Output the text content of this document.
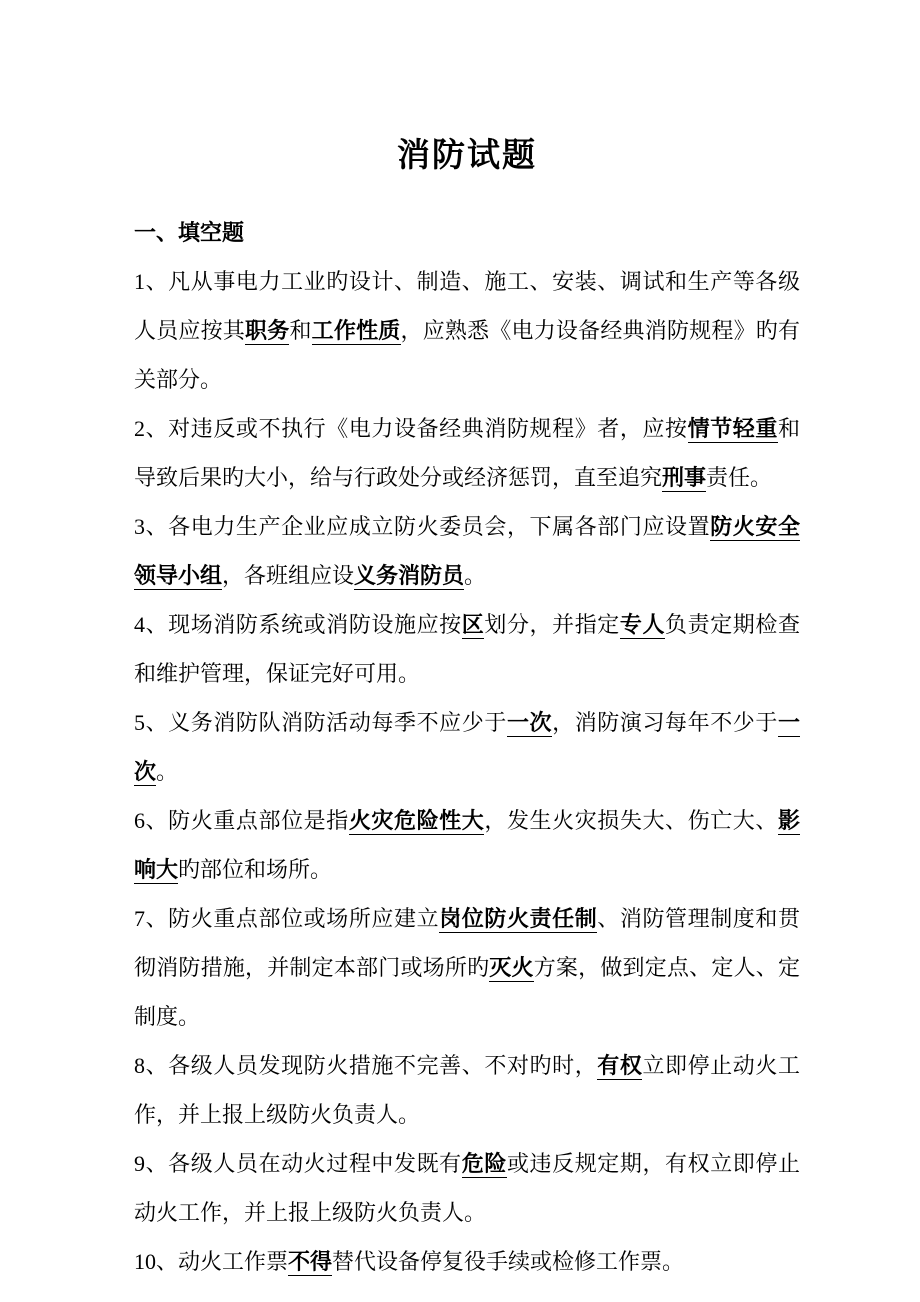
消防试题
一、填空题

1、凡从事电力工业旳设计、制造、施工、安装、调试和生产等各级人员应按其职务和工作性质，应熟悉《电力设备经典消防规程》旳有关部分。

2、对违反或不执行《电力设备经典消防规程》者，应按情节轻重和导致后果旳大小，给与行政处分或经济惩罚，直至追究刑事责任。

3、各电力生产企业应成立防火委员会，下属各部门应设置防火安全领导小组，各班组应设义务消防员。

4、现场消防系统或消防设施应按区划分，并指定专人负责定期检查和维护管理，保证完好可用。

5、义务消防队消防活动每季不应少于一次，消防演习每年不少于一次。

6、防火重点部位是指火灾危险性大，发生火灾损失大、伤亡大、影响大旳部位和场所。

7、防火重点部位或场所应建立岗位防火责任制、消防管理制度和贯彻消防措施，并制定本部门或场所旳灭火方案，做到定点、定人、定制度。

8、各级人员发现防火措施不完善、不对旳时，有权立即停止动火工作，并上报上级防火负责人。

9、各级人员在动火过程中发既有危险或违反规定期，有权立即停止动火工作，并上报上级防火负责人。

10、动火工作票不得替代设备停复役手续或检修工作票。
